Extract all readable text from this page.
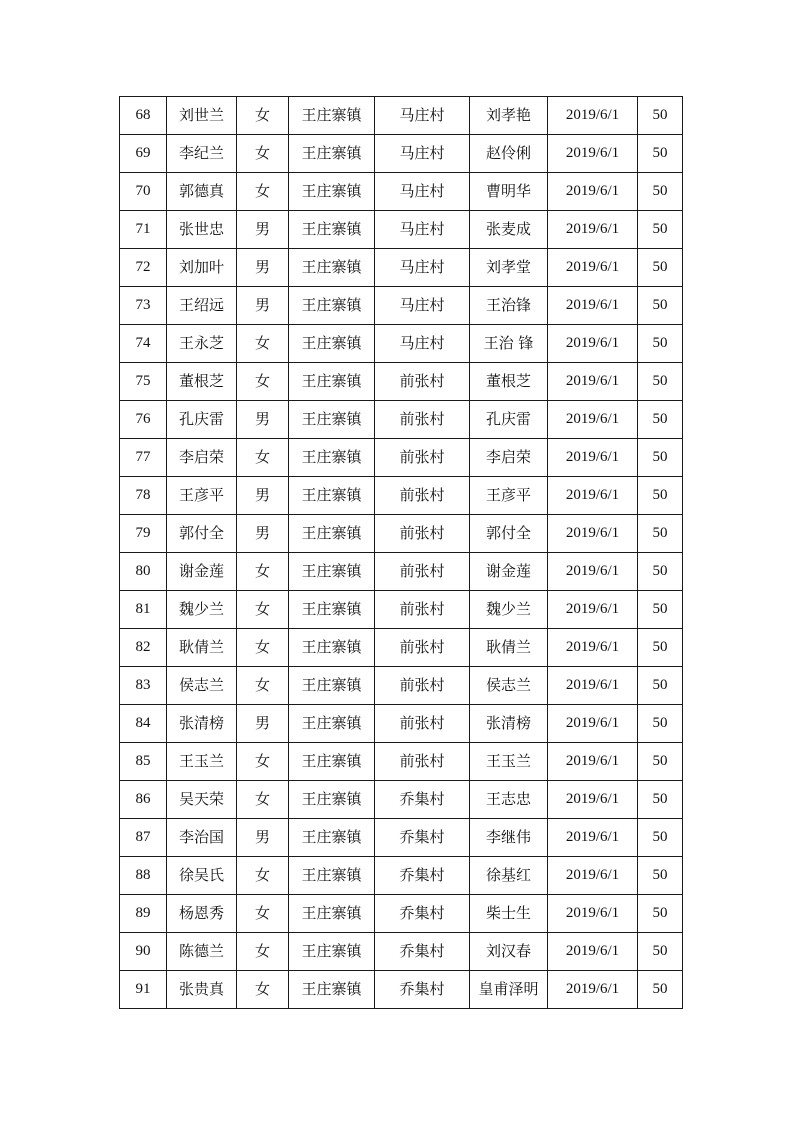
68	刘世兰	女	王庄寨镇	马庄村	刘孝艳	2019/6/1	50
69	李纪兰	女	王庄寨镇	马庄村	赵伶俐	2019/6/1	50
70	郭德真	女	王庄寨镇	马庄村	曹明华	2019/6/1	50
71	张世忠	男	王庄寨镇	马庄村	张麦成	2019/6/1	50
72	刘加叶	男	王庄寨镇	马庄村	刘孝堂	2019/6/1	50
73	王绍远	男	王庄寨镇	马庄村	王治锋	2019/6/1	50
74	王永芝	女	王庄寨镇	马庄村	王治 锋	2019/6/1	50
75	董根芝	女	王庄寨镇	前张村	董根芝	2019/6/1	50
76	孔庆雷	男	王庄寨镇	前张村	孔庆雷	2019/6/1	50
77	李启荣	女	王庄寨镇	前张村	李启荣	2019/6/1	50
78	王彦平	男	王庄寨镇	前张村	王彦平	2019/6/1	50
79	郭付全	男	王庄寨镇	前张村	郭付全	2019/6/1	50
80	谢金莲	女	王庄寨镇	前张村	谢金莲	2019/6/1	50
81	魏少兰	女	王庄寨镇	前张村	魏少兰	2019/6/1	50
82	耿倩兰	女	王庄寨镇	前张村	耿倩兰	2019/6/1	50
83	侯志兰	女	王庄寨镇	前张村	侯志兰	2019/6/1	50
84	张清榜	男	王庄寨镇	前张村	张清榜	2019/6/1	50
85	王玉兰	女	王庄寨镇	前张村	王玉兰	2019/6/1	50
86	吴天荣	女	王庄寨镇	乔集村	王志忠	2019/6/1	50
87	李治国	男	王庄寨镇	乔集村	李继伟	2019/6/1	50
88	徐吴氏	女	王庄寨镇	乔集村	徐基红	2019/6/1	50
89	杨恩秀	女	王庄寨镇	乔集村	柴士生	2019/6/1	50
90	陈德兰	女	王庄寨镇	乔集村	刘汉春	2019/6/1	50
91	张贵真	女	王庄寨镇	乔集村	皇甫泽明	2019/6/1	50
